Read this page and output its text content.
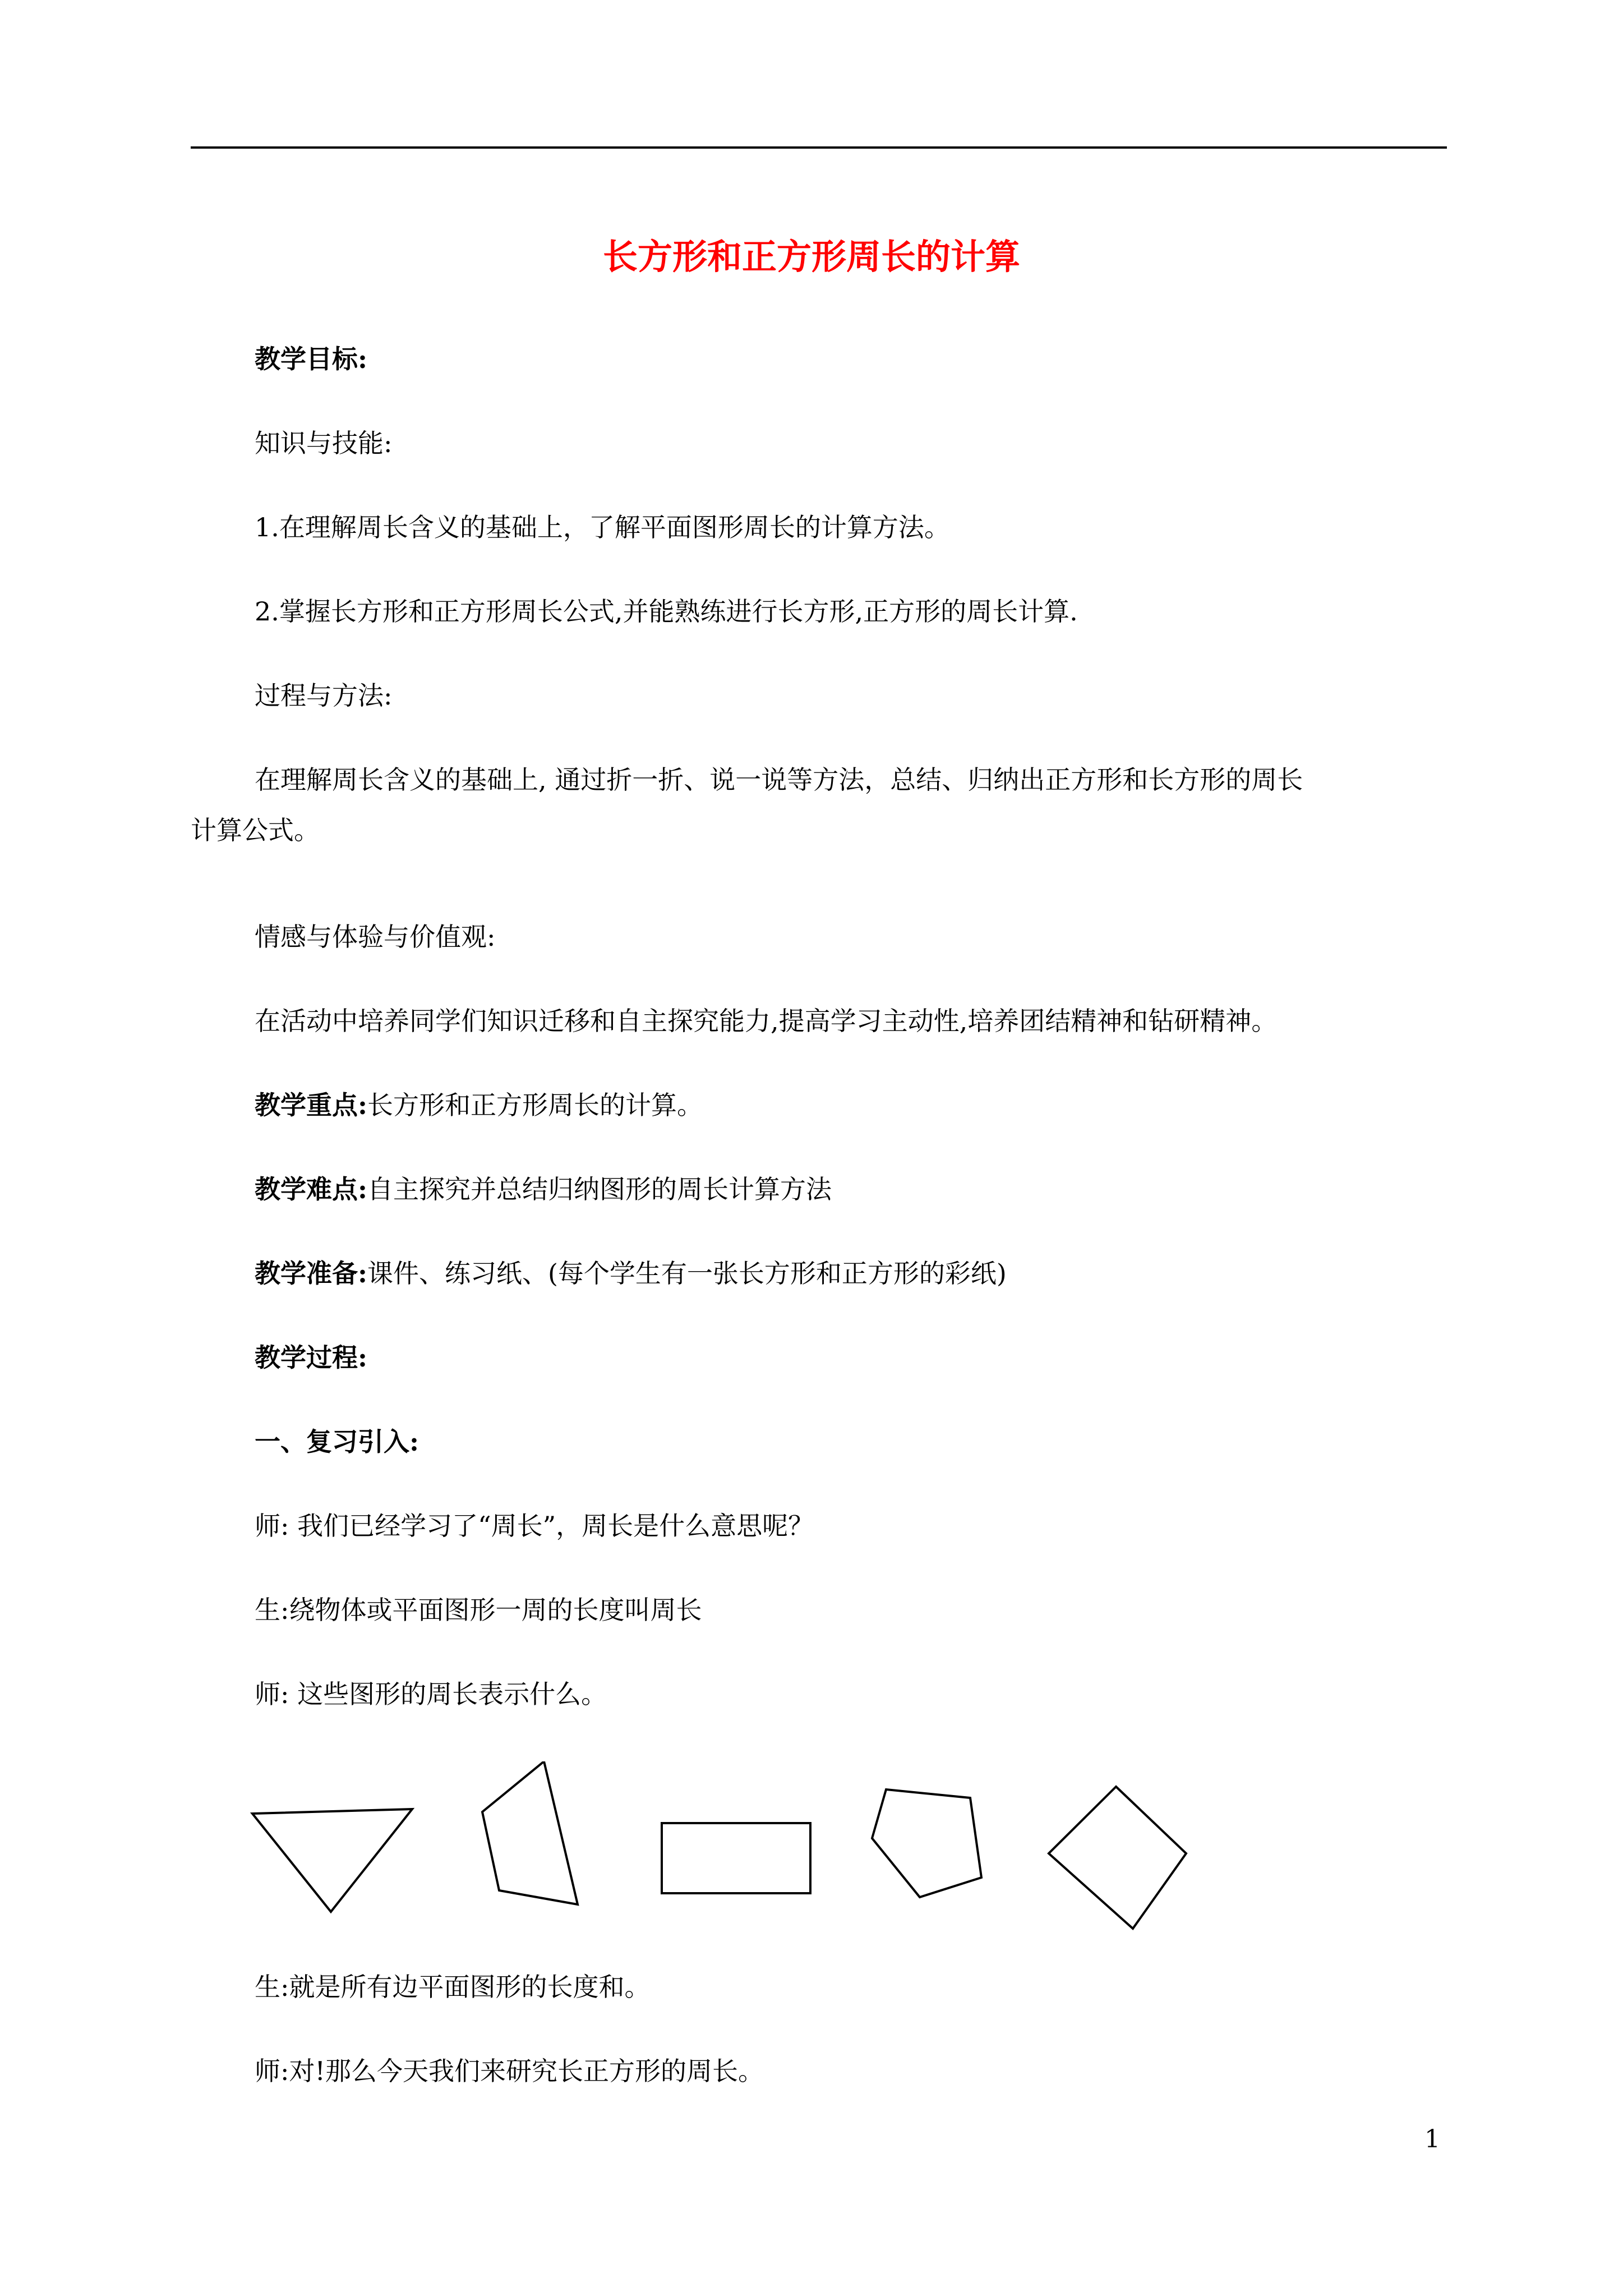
长方形和正方形周长的计算
教学目标:
知识与技能:
1.在理解周长含义的基础上，了解平面图形周长的计算方法。
2.掌握长方形和正方形周长公式,并能熟练进行长方形,正方形的周长计算.
过程与方法:
在理解周长含义的基础上, 通过折一折、说一说等方法，总结、归纳出正方形和长方形的周长
计算公式。
情感与体验与价值观:
在活动中培养同学们知识迁移和自主探究能力,提高学习主动性,培养团结精神和钻研精神。
教学重点:长方形和正方形周长的计算。
教学难点:自主探究并总结归纳图形的周长计算方法
教学准备:课件、练习纸、(每个学生有一张长方形和正方形的彩纸)
教学过程:
一、复习引入:
师: 我们已经学习了“周长”，周长是什么意思呢？
生:绕物体或平面图形一周的长度叫周长
师: 这些图形的周长表示什么。
生:就是所有边平面图形的长度和。
师:对!那么今天我们来研究长正方形的周长。
1
